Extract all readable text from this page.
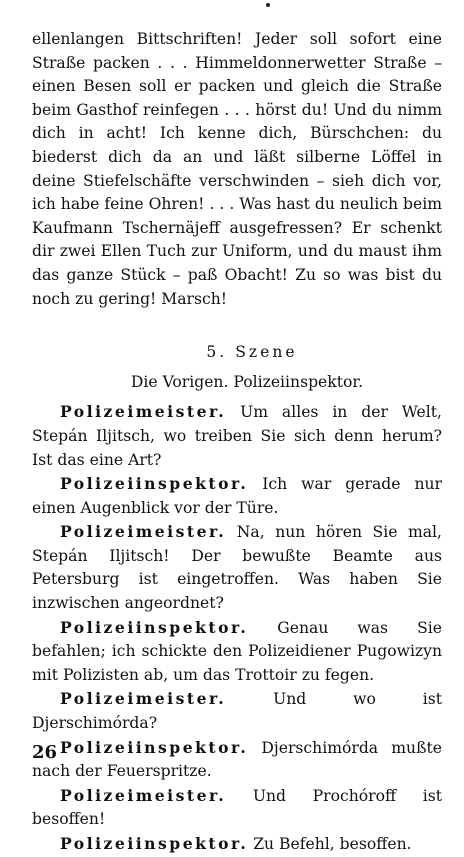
ellenlangen Bittschriften! Jeder soll sofort eine Straße packen . . . Himmeldonnerwetter Straße – einen Besen soll er packen und gleich die Straße beim Gasthof reinfegen . . . hörst du! Und du nimm dich in acht! Ich kenne dich, Bürschchen: du biederst dich da an und läßt silberne Löffel in deine Stiefelschäfte verschwinden – sieh dich vor, ich habe feine Ohren! . . . Was hast du neulich beim Kaufmann Tschernäjeff ausgefressen? Er schenkt dir zwei Ellen Tuch zur Uniform, und du maust ihm das ganze Stück – paß Obacht! Zu so was bist du noch zu gering! Marsch!

5. Szene

Die Vorigen. Polizeiinspektor.

Polizeimeister. Um alles in der Welt, Stepán Iljitsch, wo treiben Sie sich denn herum? Ist das eine Art?

Polizeiinspektor. Ich war gerade nur einen Augenblick vor der Türe.

Polizeimeister. Na, nun hören Sie mal, Stepán Iljitsch! Der bewußte Beamte aus Petersburg ist eingetroffen. Was haben Sie inzwischen angeordnet?

Polizeiinspektor. Genau was Sie befahlen; ich schickte den Polizeidiener Pugowizyn mit Polizisten ab, um das Trottoir zu fegen.

Polizeimeister.	Und wo ist Djerschimórda?

Polizeiinspektor. Djerschimórda mußte nach der Feuerspritze.

Polizeimeister. Und Prochóroff ist besoffen!

Polizeiinspektor. Zu Befehl, besoffen.

26
